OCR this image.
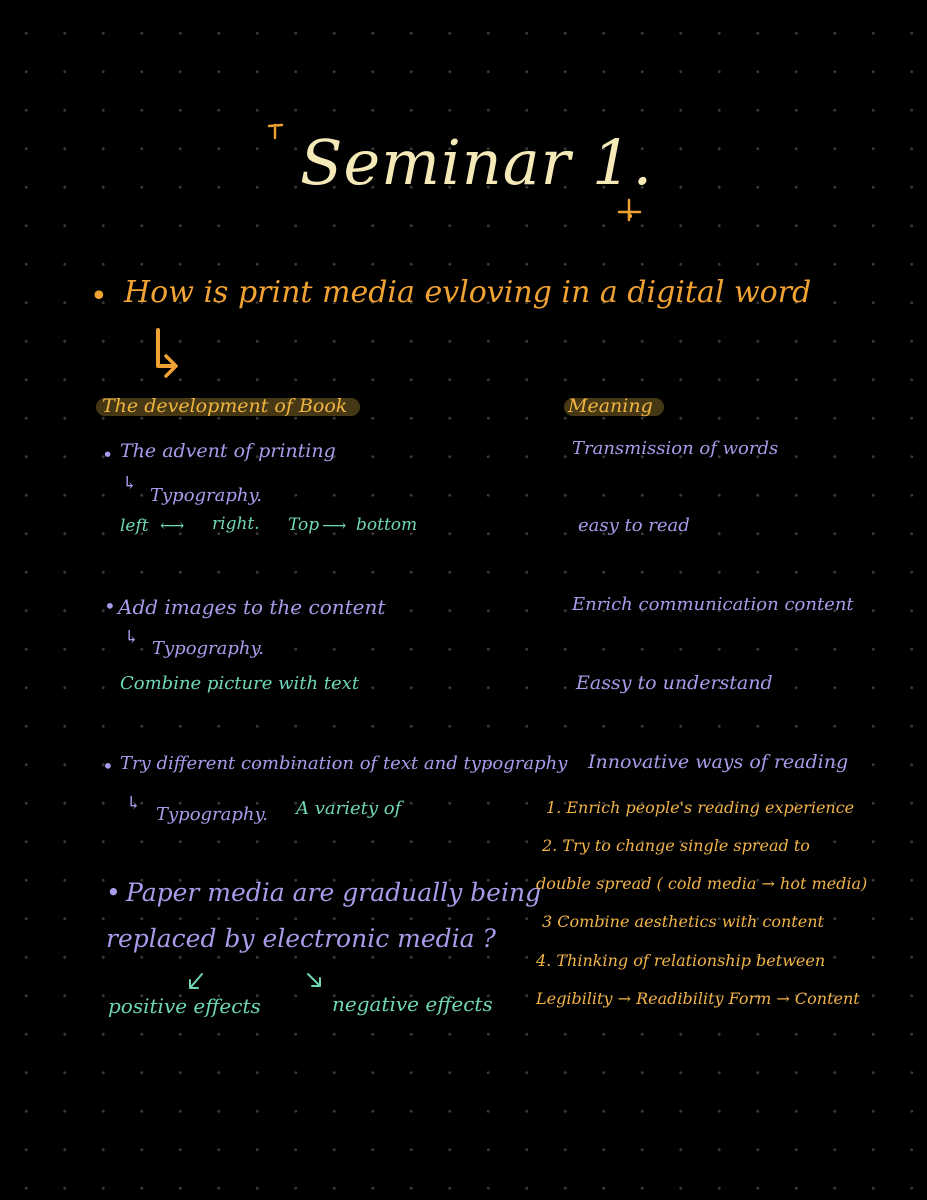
Seminar 1.
• How is print media evloving in a digital word
The development of Book	Meaning
• The advent of printing
↳
Typography.
left ⟷ right. Top ⟶ bottom
• Add images to the content
↳
Typography.
Combine picture with text
• Try different combination of text and typography
↳
Typography. A variety of
• Paper media are gradually being
replaced by electronic media ?
positive effects	negative effects
Transmission of words
easy to read
Enrich communication content
Eassy to understand
Innovative ways of reading
1. Enrich people's reading experience
2. Try to change single spread to
double spread ( cold media → hot media)
3 Combine aesthetics with content
4. Thinking of relationship between
Legibility → Readibility Form → Content
